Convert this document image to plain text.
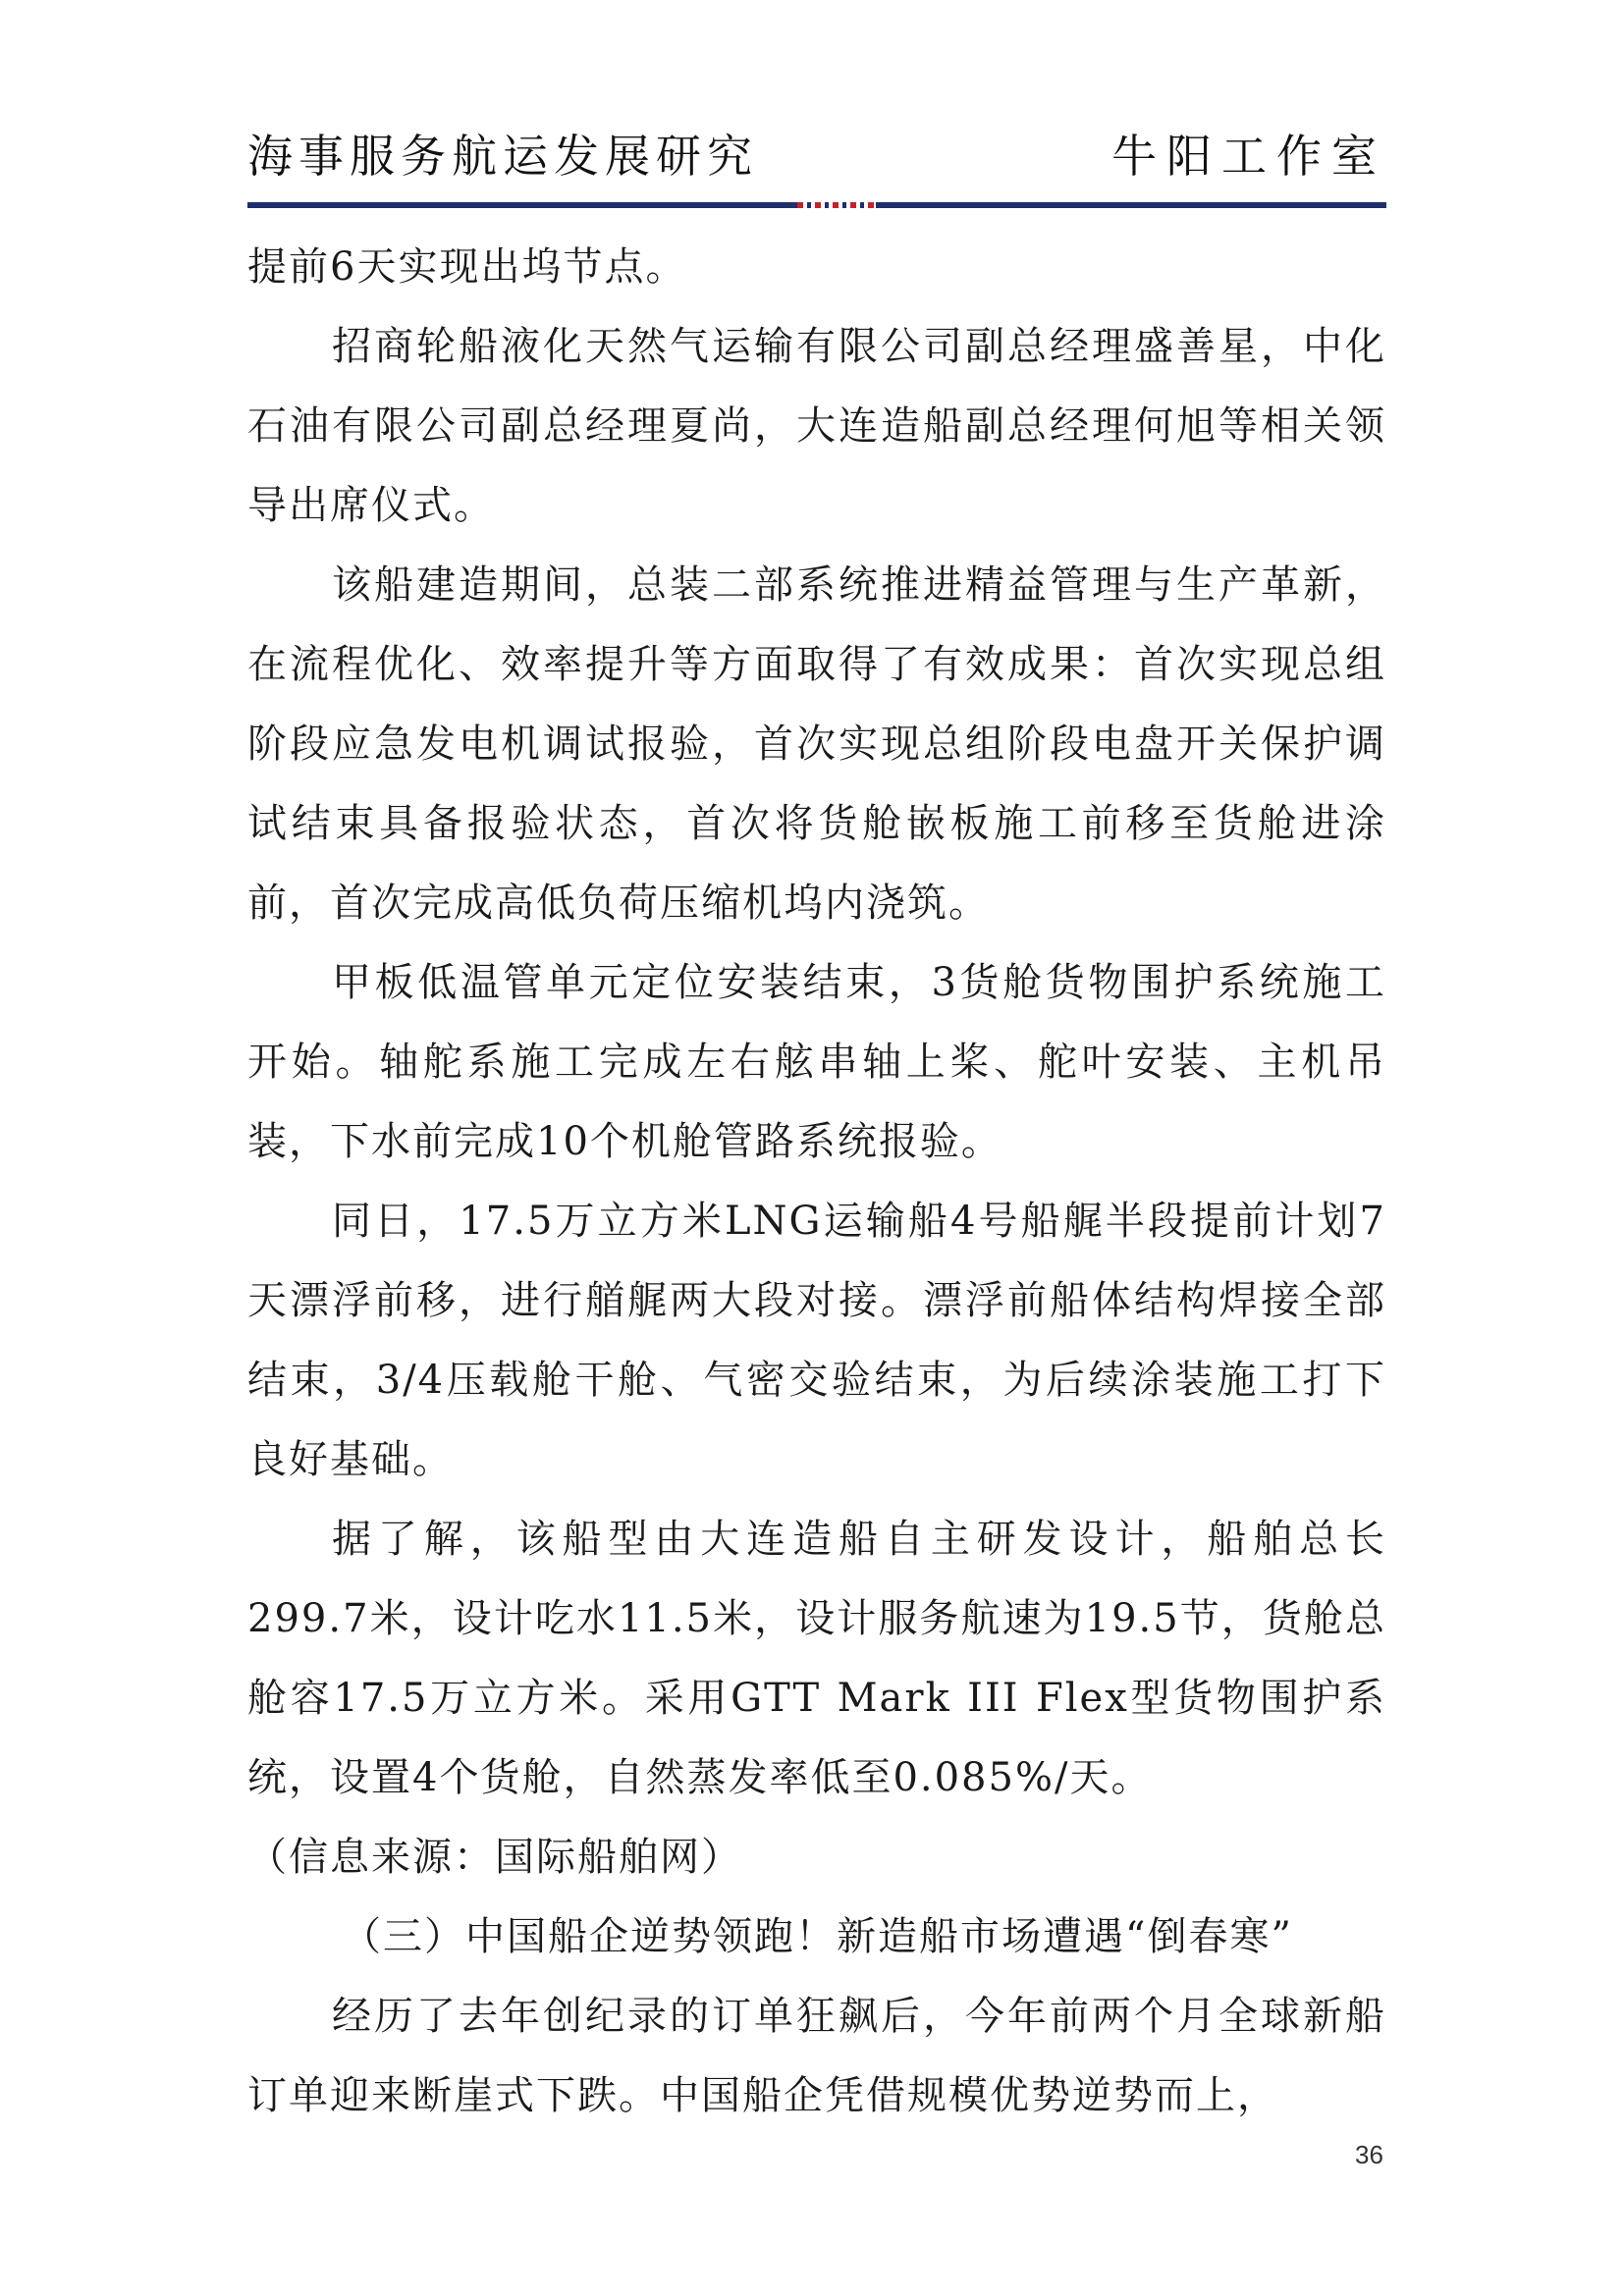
海事服务航运发展研究	牛阳工作室

提前6天实现出坞节点。

招商轮船液化天然气运输有限公司副总经理盛善星，中化石油有限公司副总经理夏尚，大连造船副总经理何旭等相关领导出席仪式。

该船建造期间，总装二部系统推进精益管理与生产革新，在流程优化、效率提升等方面取得了有效成果：首次实现总组阶段应急发电机调试报验，首次实现总组阶段电盘开关保护调试结束具备报验状态，首次将货舱嵌板施工前移至货舱进涂前，首次完成高低负荷压缩机坞内浇筑。

甲板低温管单元定位安装结束，3货舱货物围护系统施工开始。轴舵系施工完成左右舷串轴上桨、舵叶安装、主机吊装，下水前完成10个机舱管路系统报验。

同日，17.5万立方米LNG运输船4号船艉半段提前计划7天漂浮前移，进行艏艉两大段对接。漂浮前船体结构焊接全部结束，3/4压载舱干舱、气密交验结束，为后续涂装施工打下良好基础。

据了解，该船型由大连造船自主研发设计，船舶总长299.7米，设计吃水11.5米，设计服务航速为19.5节，货舱总舱容17.5万立方米。采用GTT Mark III Flex型货物围护系统，设置4个货舱，自然蒸发率低至0.085%/天。

（信息来源：国际船舶网）

（三）中国船企逆势领跑！新造船市场遭遇“倒春寒”

经历了去年创纪录的订单狂飙后，今年前两个月全球新船订单迎来断崖式下跌。中国船企凭借规模优势逆势而上，

36
